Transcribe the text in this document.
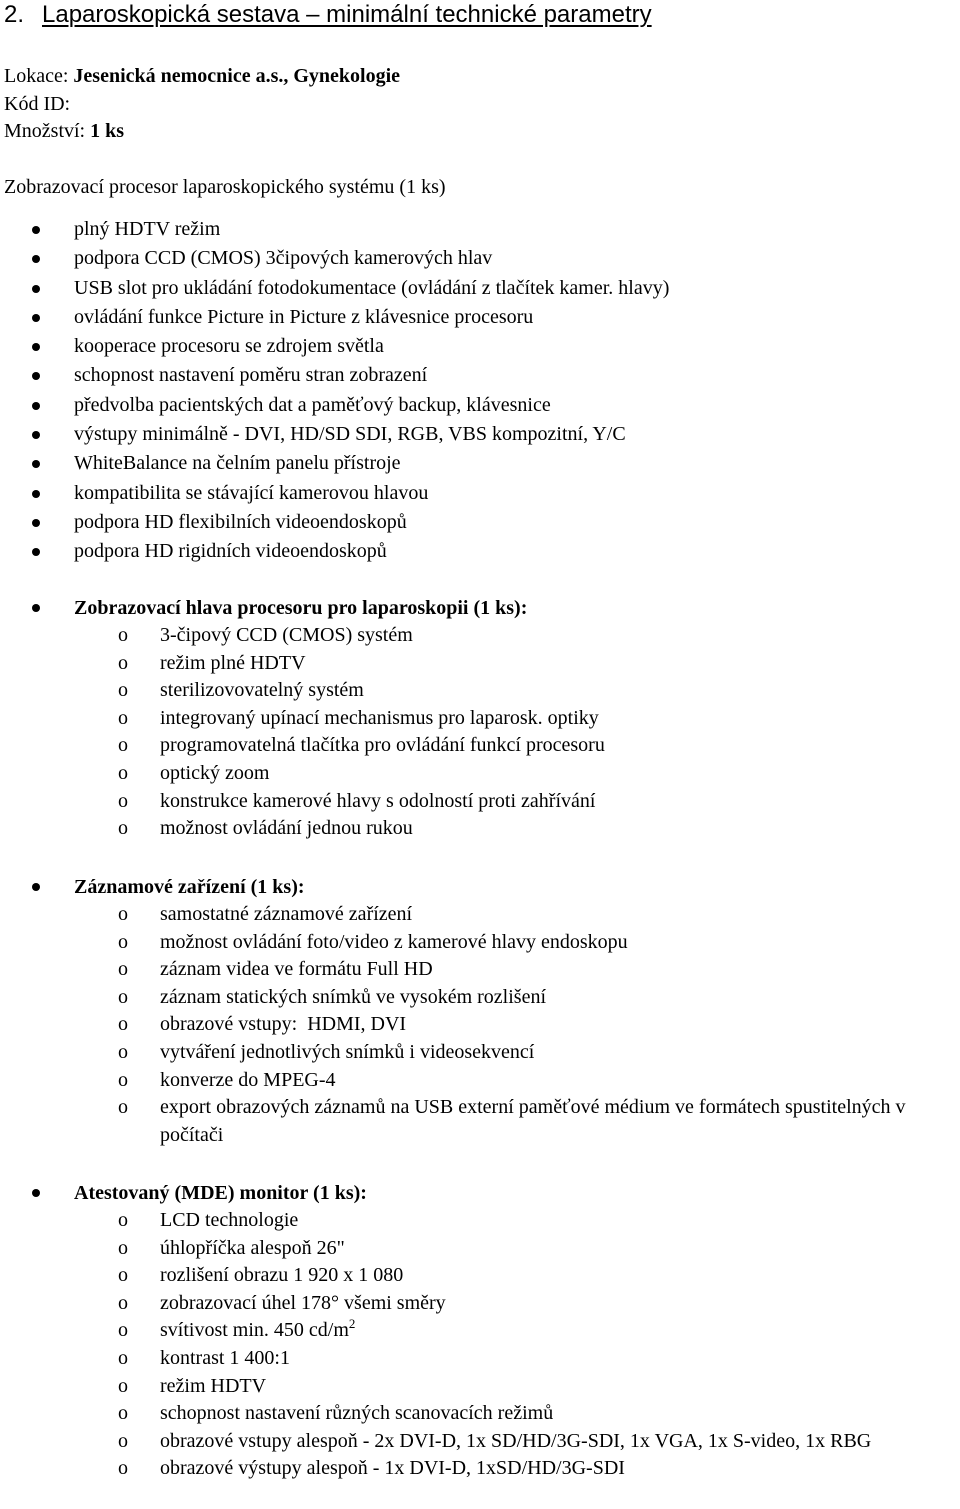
2. Laparoskopická sestava – minimální technické parametry
Lokace: Jesenická nemocnice a.s., Gynekologie
Kód ID:
Množství: 1 ks
Zobrazovací procesor laparoskopického systému (1 ks)
plný HDTV režim
podpora CCD (CMOS) 3čipových kamerových hlav
USB slot pro ukládání fotodokumentace (ovládání z tlačítek kamer. hlavy)
ovládání funkce Picture in Picture z klávesnice procesoru
kooperace procesoru se zdrojem světla
schopnost nastavení poměru stran zobrazení
předvolba pacientských dat a paměťový backup, klávesnice
výstupy minimálně - DVI, HD/SD SDI, RGB, VBS kompozitní, Y/C
WhiteBalance na čelním panelu přístroje
kompatibilita se stávající kamerovou hlavou
podpora HD flexibilních videoendoskopů
podpora HD rigidních videoendoskopů
Zobrazovací hlava procesoru pro laparoskopii (1 ks):
o 3-čipový CCD (CMOS) systém
o režim plné HDTV
o sterilizovovatelný systém
o integrovaný upínací mechanismus pro laparosk. optiky
o programovatelná tlačítka pro ovládání funkcí procesoru
o optický zoom
o konstrukce kamerové hlavy s odolností proti zahřívání
o možnost ovládání jednou rukou
Záznamové zařízení (1 ks):
o samostatné záznamové zařízení
o možnost ovládání foto/video z kamerové hlavy endoskopu
o záznam videa ve formátu Full HD
o záznam statických snímků ve vysokém rozlišení
o obrazové vstupy:  HDMI, DVI
o vytváření jednotlivých snímků i videosekvencí
o konverze do MPEG-4
o export obrazových záznamů na USB externí paměťové médium ve formátech spustitelných v počítači
Atestovaný (MDE) monitor (1 ks):
o LCD technologie
o úhlopříčka alespoň 26"
o rozlišení obrazu 1 920 x 1 080
o zobrazovací úhel 178° všemi směry
o svítivost min. 450 $cd/m^2$
o kontrast 1 400:1
o režim HDTV
o schopnost nastavení různých scanovacích režimů
o obrazové vstupy alespoň - 2x DVI-D, 1x SD/HD/3G-SDI, 1x VGA, 1x S-video, 1x RBG
o obrazové výstupy alespoň - 1x DVI-D, 1xSD/HD/3G-SDI
